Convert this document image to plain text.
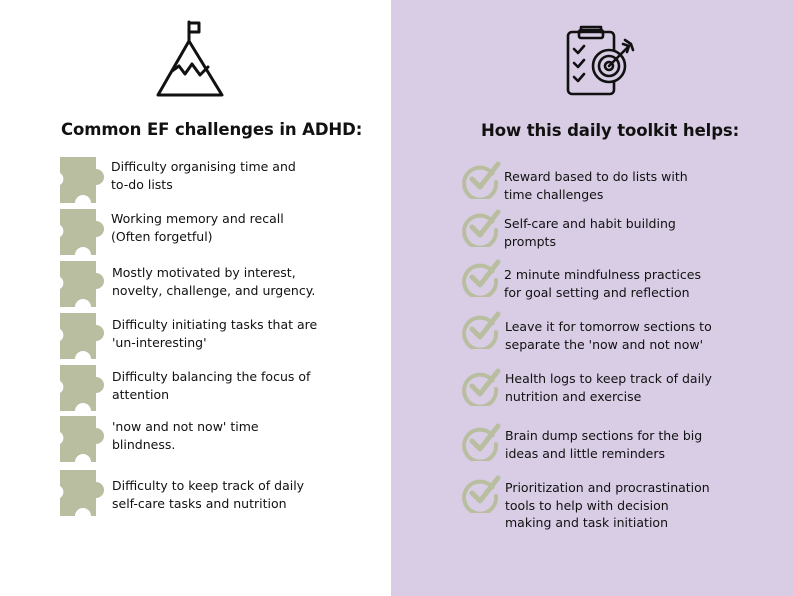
Common EF challenges in ADHD:	How this daily toolkit helps:

Difficulty organising time and
to-do lists

Working memory and recall
(Often forgetful)

Mostly motivated by interest,
novelty, challenge, and urgency.

Difficulty initiating tasks that are
'un-interesting'

Difficulty balancing the focus of
attention

'now and not now' time
blindness.

Difficulty to keep track of daily
self-care tasks and nutrition

Reward based to do lists with
time challenges

Self-care and habit building
prompts

2 minute mindfulness practices
for goal setting and reflection

Leave it for tomorrow sections to
separate the 'now and not now'

Health logs to keep track of daily
nutrition and exercise

Brain dump sections for the big
ideas and little reminders

Prioritization and procrastination
tools to help with decision
making and task initiation
